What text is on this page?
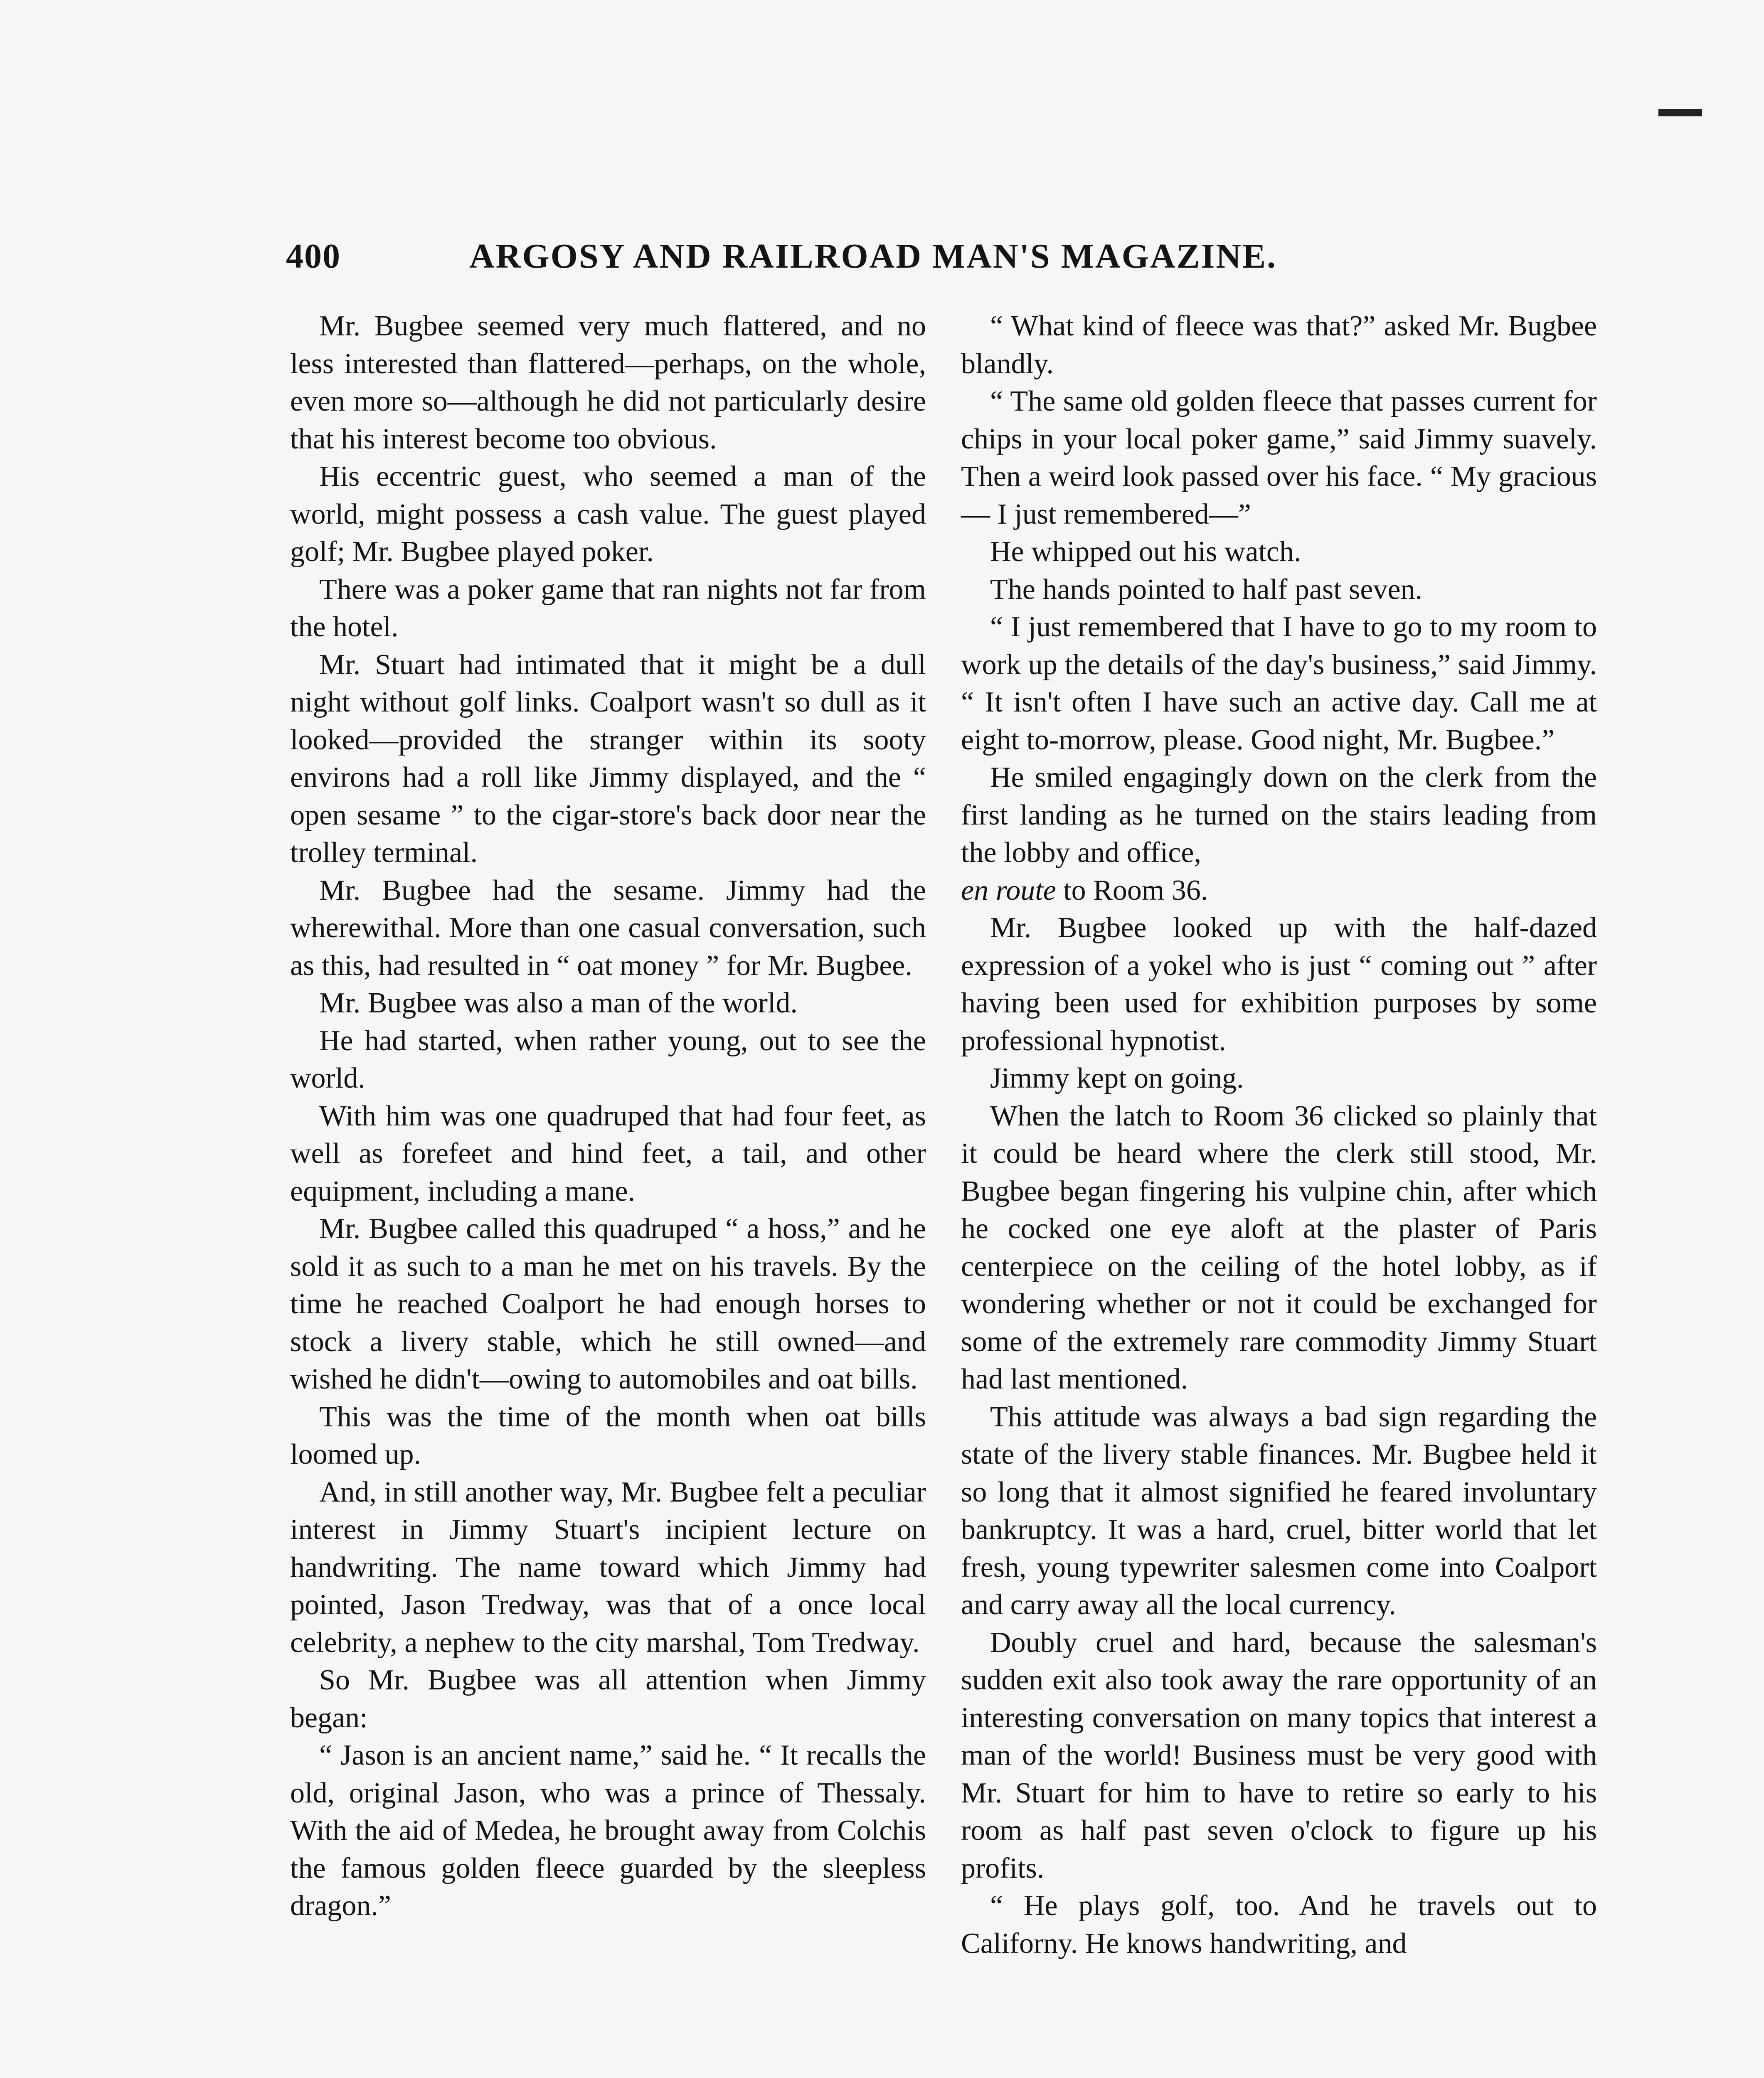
400	ARGOSY AND RAILROAD MAN'S MAGAZINE.

Mr. Bugbee seemed very much flattered, and no less interested than flattered—perhaps, on the whole, even more so—although he did not particularly desire that his interest become too obvious.

His eccentric guest, who seemed a man of the world, might possess a cash value. The guest played golf; Mr. Bugbee played poker.

There was a poker game that ran nights not far from the hotel.

Mr. Stuart had intimated that it might be a dull night without golf links. Coalport wasn't so dull as it looked—provided the stranger within its sooty environs had a roll like Jimmy displayed, and the “ open sesame ” to the cigar-store's back door near the trolley terminal.

Mr. Bugbee had the sesame. Jimmy had the wherewithal. More than one casual conversation, such as this, had resulted in “ oat money ” for Mr. Bugbee.

Mr. Bugbee was also a man of the world.

He had started, when rather young, out to see the world.

With him was one quadruped that had four feet, as well as forefeet and hind feet, a tail, and other equipment, including a mane.

Mr. Bugbee called this quadruped “ a hoss,” and he sold it as such to a man he met on his travels. By the time he reached Coalport he had enough horses to stock a livery stable, which he still owned—and wished he didn't—owing to automobiles and oat bills.

This was the time of the month when oat bills loomed up.

And, in still another way, Mr. Bugbee felt a peculiar interest in Jimmy Stuart's incipient lecture on handwriting. The name toward which Jimmy had pointed, Jason Tredway, was that of a once local celebrity, a nephew to the city marshal, Tom Tredway.

So Mr. Bugbee was all attention when Jimmy began:

“ Jason is an ancient name,” said he. “ It recalls the old, original Jason, who was a prince of Thessaly. With the aid of Medea, he brought away from Colchis the famous golden fleece guarded by the sleepless dragon.”

“ What kind of fleece was that?” asked Mr. Bugbee blandly.

“ The same old golden fleece that passes current for chips in your local poker game,” said Jimmy suavely. Then a weird look passed over his face. “ My gracious — I just remembered—”

He whipped out his watch.

The hands pointed to half past seven.

“ I just remembered that I have to go to my room to work up the details of the day's business,” said Jimmy. “ It isn't often I have such an active day. Call me at eight to-morrow, please. Good night, Mr. Bugbee.”

He smiled engagingly down on the clerk from the first landing as he turned on the stairs leading from the lobby and office,
en route to Room 36.

Mr. Bugbee looked up with the half-dazed expression of a yokel who is just “ coming out ” after having been used for exhibition purposes by some professional hypnotist.

Jimmy kept on going.

When the latch to Room 36 clicked so plainly that it could be heard where the clerk still stood, Mr. Bugbee began fingering his vulpine chin, after which he cocked one eye aloft at the plaster of Paris centerpiece on the ceiling of the hotel lobby, as if wondering whether or not it could be exchanged for some of the extremely rare commodity Jimmy Stuart had last mentioned.

This attitude was always a bad sign regarding the state of the livery stable finances. Mr. Bugbee held it so long that it almost signified he feared involuntary bankruptcy. It was a hard, cruel, bitter world that let fresh, young typewriter salesmen come into Coalport and carry away all the local currency.

Doubly cruel and hard, because the salesman's sudden exit also took away the rare opportunity of an interesting conversation on many topics that interest a man of the world! Business must be very good with Mr. Stuart for him to have to retire so early to his room as half past seven o'clock to figure up his profits.

“ He plays golf, too. And he travels out to Californy. He knows handwriting, and
